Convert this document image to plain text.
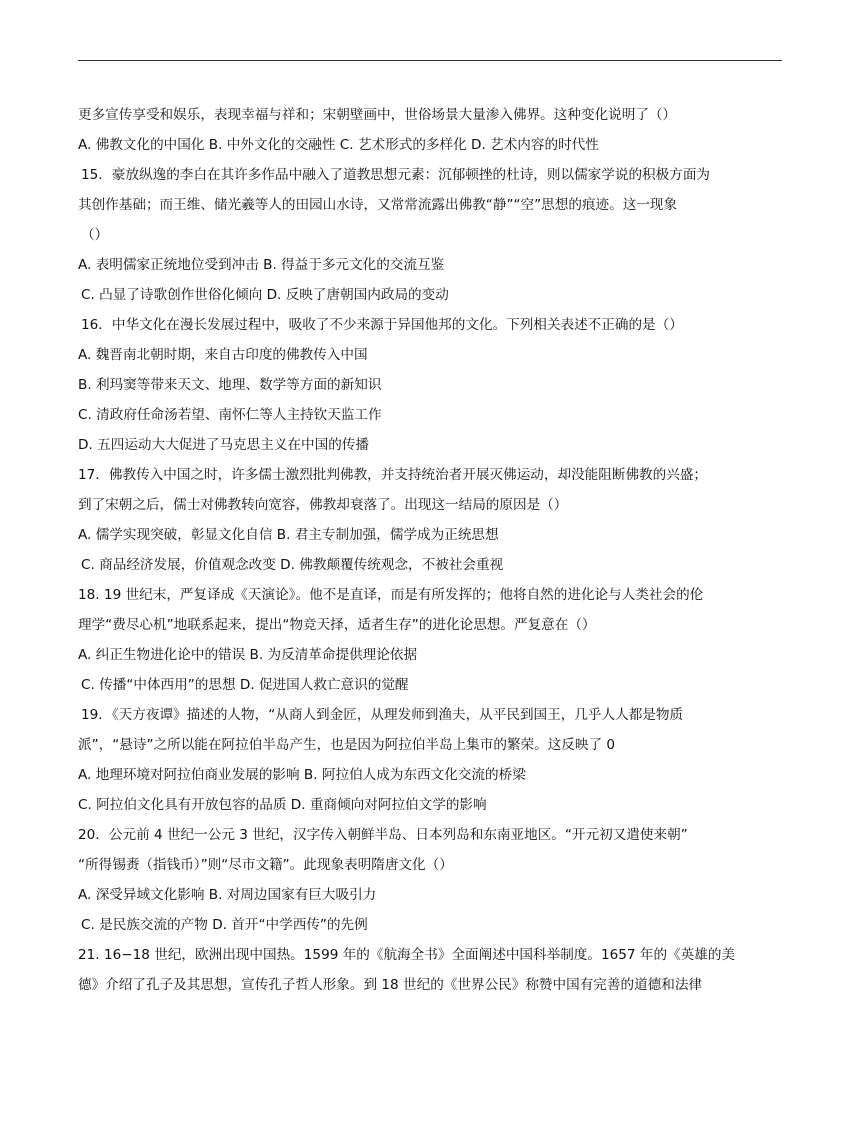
更多宣传享受和娱乐，表现幸福与祥和；宋朝壁画中，世俗场景大量渗入佛界。这种变化说明了（）
A. 佛教文化的中国化 B. 中外文化的交融性 C. 艺术形式的多样化 D. 艺术内容的时代性
15．豪放纵逸的李白在其许多作品中融入了道教思想元素：沉郁顿挫的杜诗，则以儒家学说的积极方面为
其创作基础；而王维、储光羲等人的田园山水诗，又常常流露出佛教“静”“空”思想的痕迹。这一现象
（）
A. 表明儒家正统地位受到冲击 B. 得益于多元文化的交流互鉴
C. 凸显了诗歌创作世俗化倾向 D. 反映了唐朝国内政局的变动
16．中华文化在漫长发展过程中，吸收了不少来源于异国他邦的文化。下列相关表述不正确的是（）
A. 魏晋南北朝时期，来自古印度的佛教传入中国
B. 利玛窦等带来天文、地理、数学等方面的新知识
C. 清政府任命汤若望、南怀仁等人主持钦天监工作
D. 五四运动大大促进了马克思主义在中国的传播
17．佛教传入中国之时，许多儒士激烈批判佛教，并支持统治者开展灭佛运动，却没能阻断佛教的兴盛；
到了宋朝之后，儒士对佛教转向宽容，佛教却衰落了。出现这一结局的原因是（）
A. 儒学实现突破，彰显文化自信 B. 君主专制加强，儒学成为正统思想
C. 商品经济发展，价值观念改变 D. 佛教颠覆传统观念，不被社会重视
18. 19 世纪末，严复译成《天演论》。他不是直译，而是有所发挥的；他将自然的进化论与人类社会的伦
理学“费尽心机”地联系起来，提出“物竞天择，适者生存”的进化论思想。严复意在（）
A. 纠正生物进化论中的错误 B. 为反清革命提供理论依据
C. 传播“中体西用”的思想 D. 促进国人救亡意识的觉醒
19．《天方夜谭》描述的人物，“从商人到金匠，从理发师到渔夫，从平民到国王，几乎人人都是物质
派”，“悬诗”之所以能在阿拉伯半岛产生，也是因为阿拉伯半岛上集市的繁荣。这反映了 0
A. 地理环境对阿拉伯商业发展的影响 B. 阿拉伯人成为东西文化交流的桥梁
C. 阿拉伯文化具有开放包容的品质 D. 重商倾向对阿拉伯文学的影响
20．公元前 4 世纪一公元 3 世纪，汉字传入朝鲜半岛、日本列岛和东南亚地区。“开元初又遣使来朝”
“所得锡赉（指钱币）”则“尽市文籍”。此现象表明隋唐文化（）
A. 深受异域文化影响 B. 对周边国家有巨大吸引力
C. 是民族交流的产物 D. 首开“中学西传”的先例
21. 16−18 世纪，欧洲出现中国热。1599 年的《航海全书》全面阐述中国科举制度。1657 年的《英雄的美
德》介绍了孔子及其思想，宣传孔子哲人形象。到 18 世纪的《世界公民》称赞中国有完善的道德和法律
